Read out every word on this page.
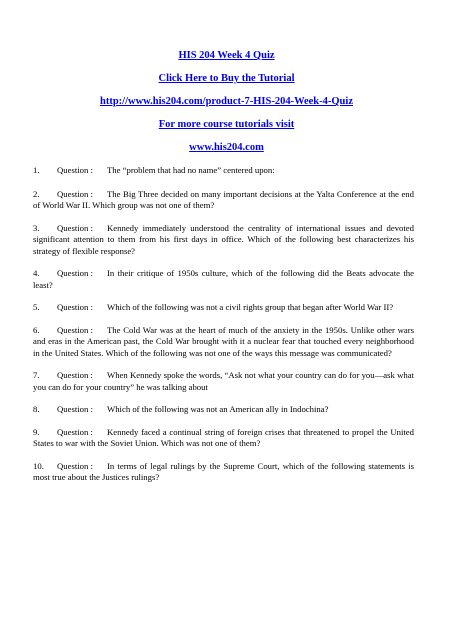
HIS 204 Week 4 Quiz
Click Here to Buy the Tutorial
http://www.his204.com/product-7-HIS-204-Week-4-Quiz
For more course tutorials visit
www.his204.com
1. Question : The “problem that had no name” centered upon:
2. Question : The Big Three decided on many important decisions at the Yalta Conference at the end of World War II. Which group was not one of them?
3. Question : Kennedy immediately understood the centrality of international issues and devoted significant attention to them from his first days in office. Which of the following best characterizes his strategy of flexible response?
4. Question : In their critique of 1950s culture, which of the following did the Beats advocate the least?
5. Question : Which of the following was not a civil rights group that began after World War II?
6. Question : The Cold War was at the heart of much of the anxiety in the 1950s. Unlike other wars and eras in the American past, the Cold War brought with it a nuclear fear that touched every neighborhood in the United States. Which of the following was not one of the ways this message was communicated?
7. Question : When Kennedy spoke the words, “Ask not what your country can do for you—ask what you can do for your country” he was talking about
8. Question : Which of the following was not an American ally in Indochina?
9. Question : Kennedy faced a continual string of foreign crises that threatened to propel the United States to war with the Soviet Union. Which was not one of them?
10. Question : In terms of legal rulings by the Supreme Court, which of the following statements is most true about the Justices rulings?
